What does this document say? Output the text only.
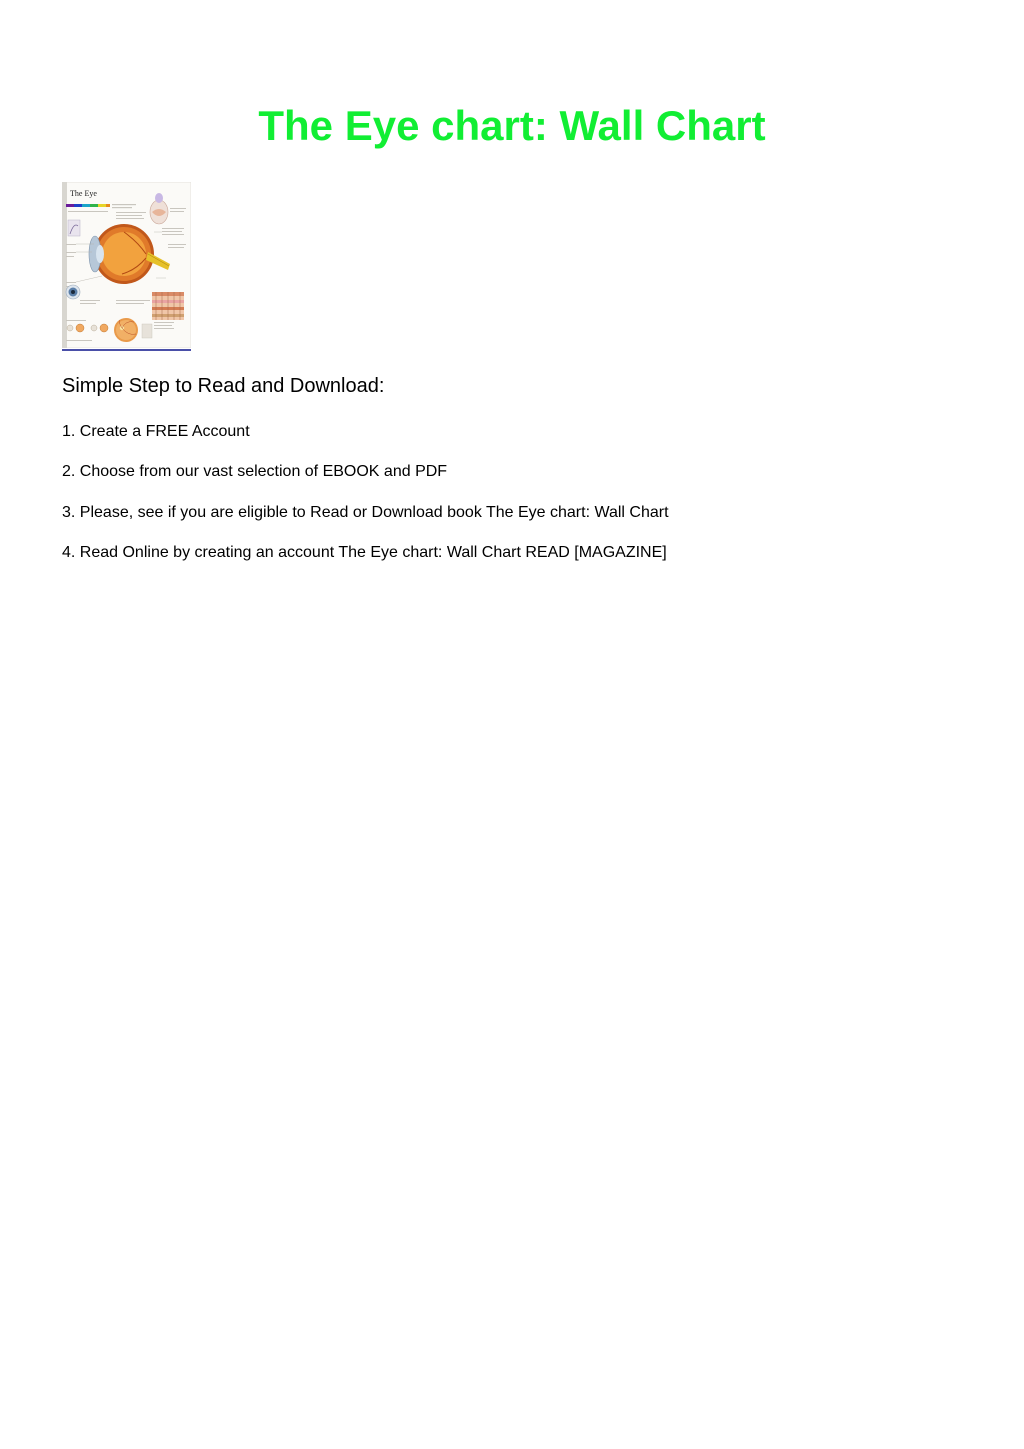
The Eye chart: Wall Chart
The Eye
Simple Step to Read and Download:
1. Create a FREE Account
2. Choose from our vast selection of EBOOK and PDF
3. Please, see if you are eligible to Read or Download book The Eye chart: Wall Chart
4. Read Online by creating an account The Eye chart: Wall Chart READ [MAGAZINE]
